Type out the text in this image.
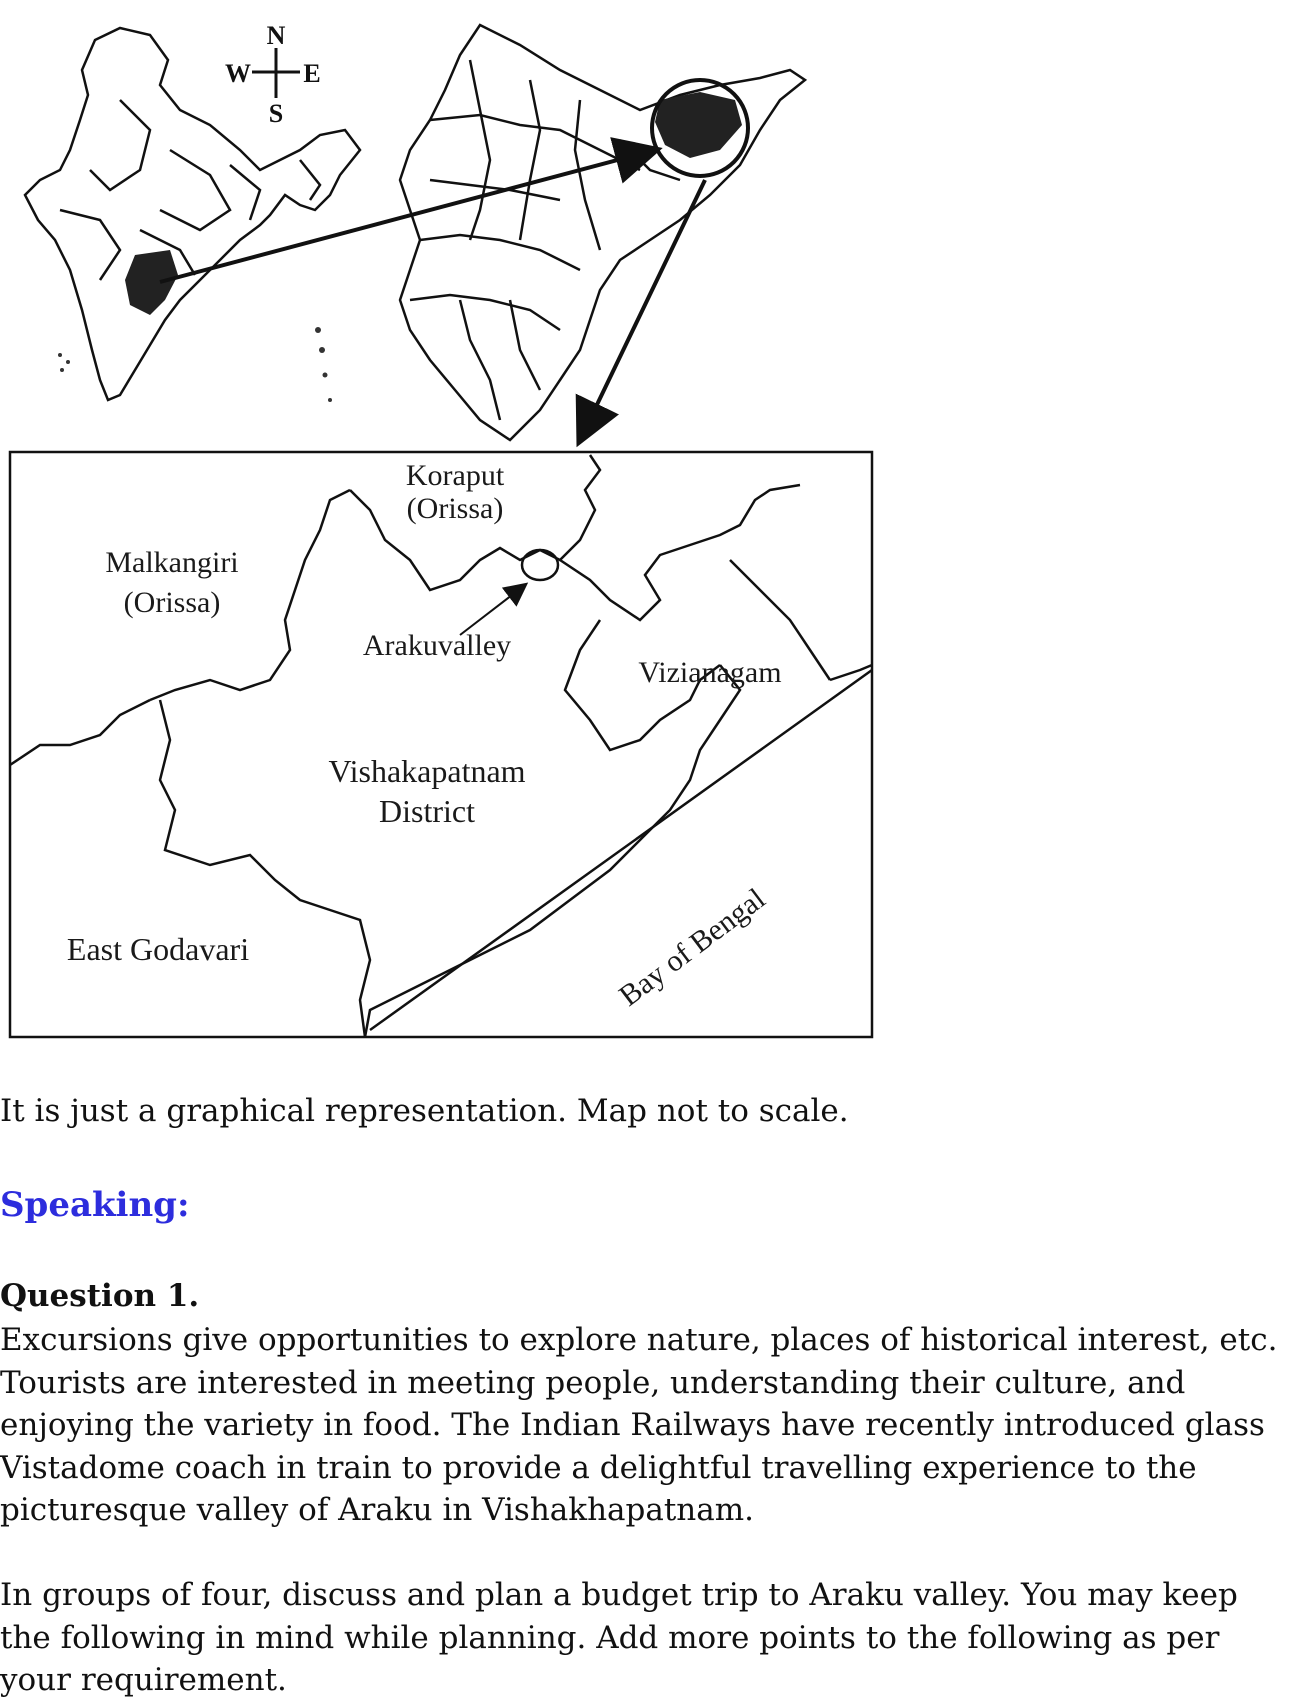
N
S
W E
Koraput
(Orissa)
Malkangiri
(Orissa)
Arakuvalley
Vizianagam
Vishakapatnam
District
East Godavari	Bay of Bengal

It is just a graphical representation. Map not to scale.

Speaking:
Question 1.

Excursions give opportunities to explore nature, places of historical interest, etc. Tourists are interested in meeting people, understanding their culture, and enjoying the variety in food. The Indian Railways have recently introduced glass Vistadome coach in train to provide a delightful travelling experience to the picturesque valley of Araku in Vishakhapatnam.

In groups of four, discuss and plan a budget trip to Araku valley. You may keep the following in mind while planning. Add more points to the following as per your requirement.
